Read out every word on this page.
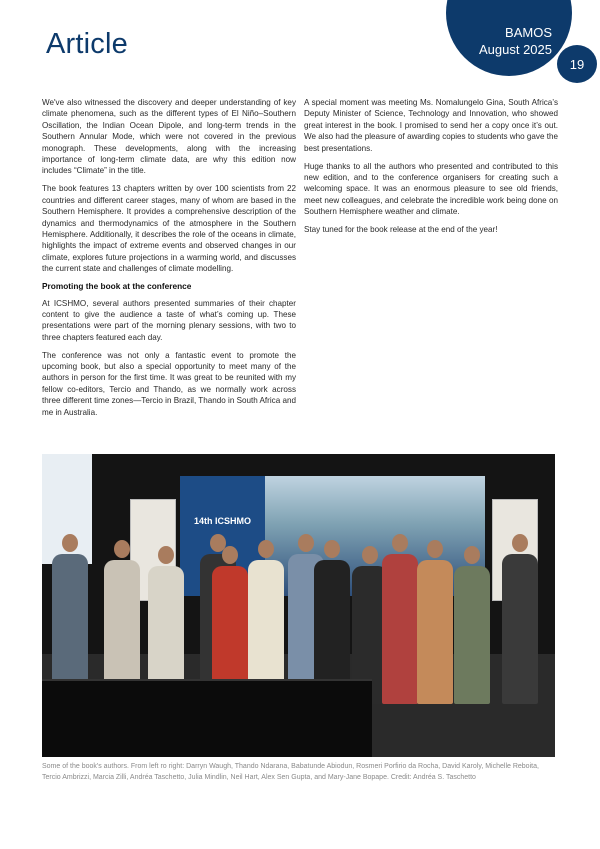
Article	BAMOS
August 2025
19

We've also witnessed the discovery and deeper understanding of key climate phenomena, such as the different types of El Niño–Southern Oscillation, the Indian Ocean Dipole, and long-term trends in the Southern Annular Mode, which were not covered in the previous monograph. These developments, along with the increasing importance of long-term climate data, are why this edition now includes “Climate” in the title.

The book features 13 chapters written by over 100 scientists from 22 countries and different career stages, many of whom are based in the Southern Hemisphere. It provides a comprehensive description of the dynamics and thermodynamics of the atmosphere in the Southern Hemisphere. Additionally, it describes the role of the oceans in climate, highlights the impact of extreme events and observed changes in our climate, explores future projections in a warming world, and discusses the current state and challenges of climate modelling.

Promoting the book at the conference

At ICSHMO, several authors presented summaries of their chapter content to give the audience a taste of what’s coming up. These presentations were part of the morning plenary sessions, with two to three chapters featured each day.

The conference was not only a fantastic event to promote the upcoming book, but also a special opportunity to meet many of the authors in person for the first time. It was great to be reunited with my fellow co-editors, Tercio and Thando, as we normally work across three different time zones—Tercio in Brazil, Thando in South Africa and me in Australia.

A special moment was meeting Ms. Nomalungelo Gina, South Africa’s Deputy Minister of Science, Technology and Innovation, who showed great interest in the book. I promised to send her a copy once it’s out. We also had the pleasure of awarding copies to students who gave the best presentations.

Huge thanks to all the authors who presented and contributed to this new edition, and to the conference organisers for creating such a welcoming space. It was an enormous pleasure to see old friends, meet new colleagues, and celebrate the incredible work being done on Southern Hemisphere weather and climate.

Stay tuned for the book release at the end of the year!

14th ICSHMO
Some of the book's authors. From left ro right: Darryn Waugh, Thando Ndarana, Babatunde Abiodun, Rosmeri Porfirio da Rocha, David Karoly, Michelle Reboita, Tercio Ambrizzi, Marcia Zilli, Andréa Taschetto, Julia Mindlin, Neil Hart, Alex Sen Gupta, and Mary-Jane Bopape. Credit: Andréa S. Taschetto
